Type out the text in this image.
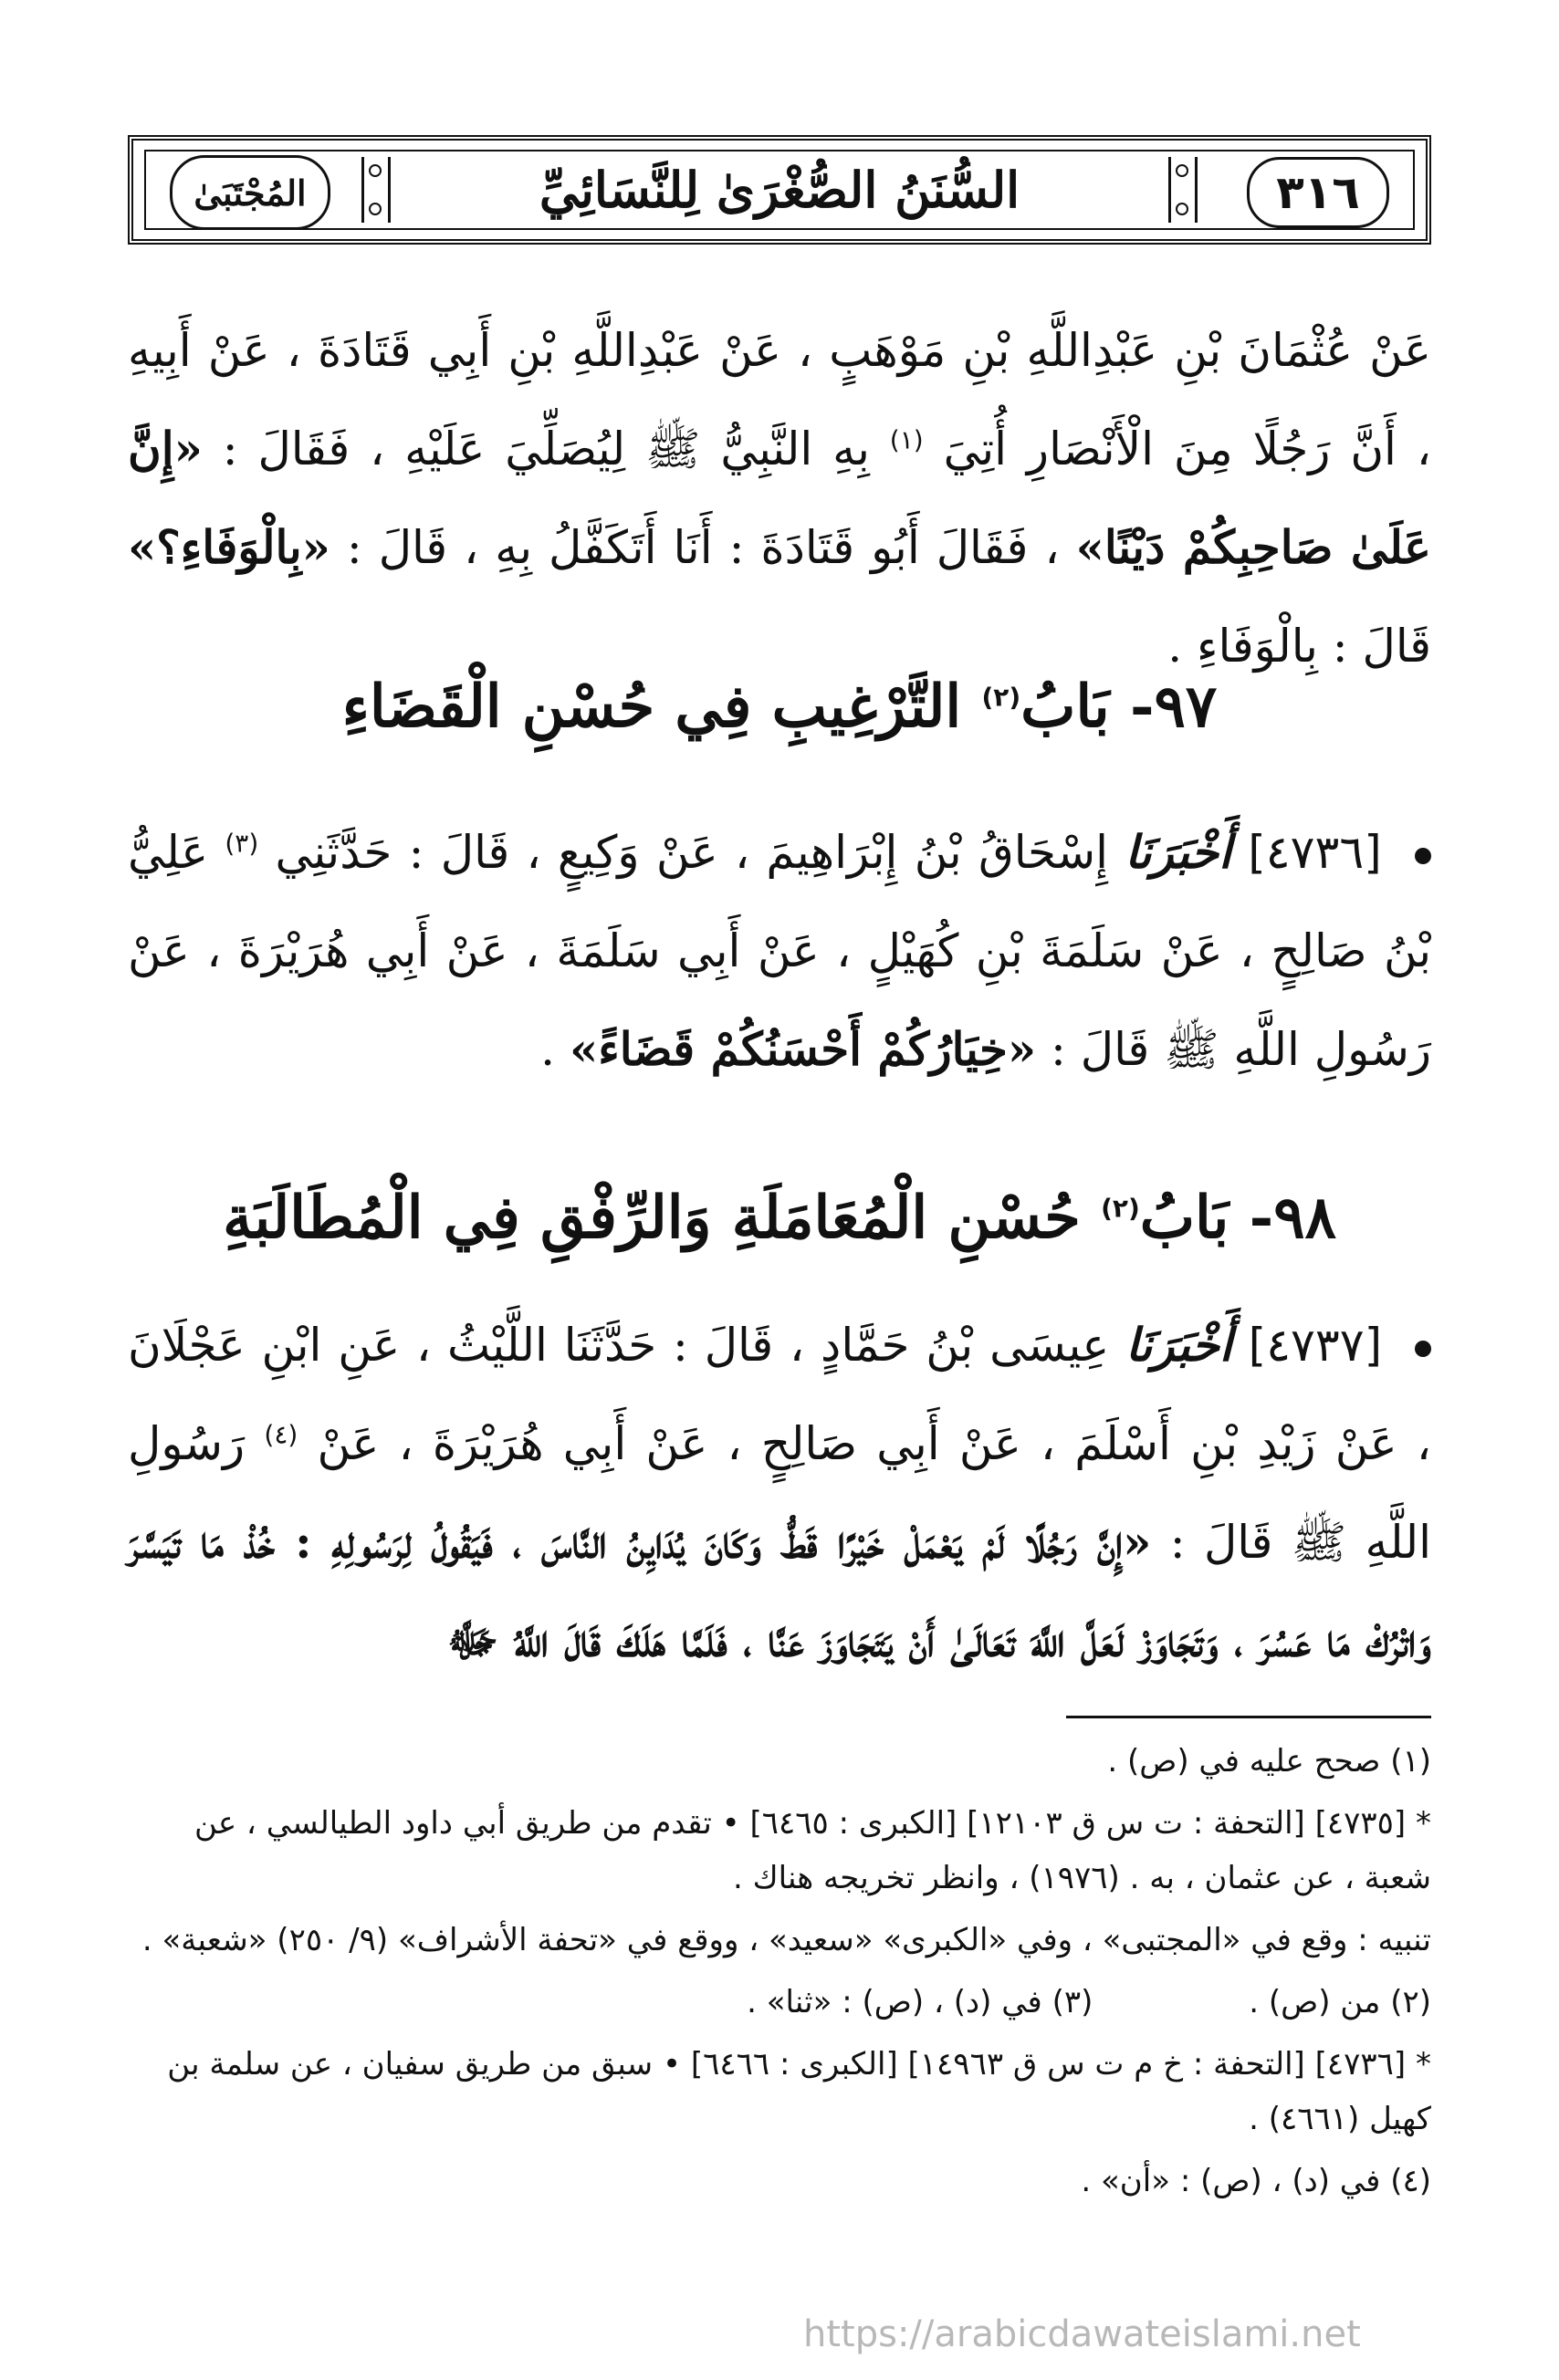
٣١٦
السُّنَنُ الصُّغْرَىٰ لِلنَّسَائِيِّ
المُجْتَبَىٰ
عَنْ عُثْمَانَ بْنِ عَبْدِاللَّهِ بْنِ مَوْهَبٍ ، عَنْ عَبْدِاللَّهِ بْنِ أَبِي قَتَادَةَ ، عَنْ أَبِيهِ ، أَنَّ رَجُلًا مِنَ الْأَنْصَارِ أُتِيَ $^{(١)}$ بِهِ النَّبِيُّ ﷺ لِيُصَلِّيَ عَلَيْهِ ، فَقَالَ : «إِنَّ عَلَىٰ صَاحِبِكُمْ دَيْنًا» ، فَقَالَ أَبُو قَتَادَةَ : أَنَا أَتَكَفَّلُ بِهِ ، قَالَ : «بِالْوَفَاءِ؟» قَالَ : بِالْوَفَاءِ .
٩٧- بَابُ$^{(٢)}$ التَّرْغِيبِ فِي حُسْنِ الْقَضَاءِ
[٤٧٣٦] أَخْبَرَنَا إِسْحَاقُ بْنُ إِبْرَاهِيمَ ، عَنْ وَكِيعٍ ، قَالَ : حَدَّثَنِي $^{(٣)}$ عَلِيُّ بْنُ صَالِحٍ ، عَنْ سَلَمَةَ بْنِ كُهَيْلٍ ، عَنْ أَبِي سَلَمَةَ ، عَنْ أَبِي هُرَيْرَةَ ، عَنْ رَسُولِ اللَّهِ ﷺ قَالَ : «خِيَارُكُمْ أَحْسَنُكُمْ قَضَاءً» .
٩٨- بَابُ$^{(٢)}$ حُسْنِ الْمُعَامَلَةِ وَالرِّفْقِ فِي الْمُطَالَبَةِ
[٤٧٣٧] أَخْبَرَنَا عِيسَى بْنُ حَمَّادٍ ، قَالَ : حَدَّثَنَا اللَّيْثُ ، عَنِ ابْنِ عَجْلَانَ ، عَنْ زَيْدِ بْنِ أَسْلَمَ ، عَنْ أَبِي صَالِحٍ ، عَنْ أَبِي هُرَيْرَةَ ، عَنْ $^{(٤)}$ رَسُولِ اللَّهِ ﷺ قَالَ : «إِنَّ رَجُلًا لَمْ يَعْمَلْ خَيْرًا قَطُّ وَكَانَ يُدَايِنُ النَّاسَ ، فَيَقُولُ لِرَسُولِهِ : خُذْ مَا تَيَسَّرَ وَاتْرُكْ مَا عَسُرَ ، وَتَجَاوَزْ لَعَلَّ اللَّهَ تَعَالَىٰ أَنْ يَتَجَاوَزَ عَنَّا ، فَلَمَّا هَلَكَ قَالَ اللَّهُ ﷻ

(١) صحح عليه في (ص) .

* [٤٧٣٥] [التحفة : ت س ق ١٢١٠٣] [الكبرى : ٦٤٦٥] • تقدم من طريق أبي داود الطيالسي ، عن شعبة ، عن عثمان ، به . (١٩٧٦) ، وانظر تخريجه هناك .

تنبيه : وقع في «المجتبى» ، وفي «الكبرى» «سعيد» ، ووقع في «تحفة الأشراف» (٩/ ٢٥٠) «شعبة» .

(٢) من (ص) . (٣) في (د) ، (ص) : «ثنا» .

* [٤٧٣٦] [التحفة : خ م ت س ق ١٤٩٦٣] [الكبرى : ٦٤٦٦] • سبق من طريق سفيان ، عن سلمة بن كهيل (٤٦٦١) .

(٤) في (د) ، (ص) : «أن» .

https://arabicdawateislami.net
